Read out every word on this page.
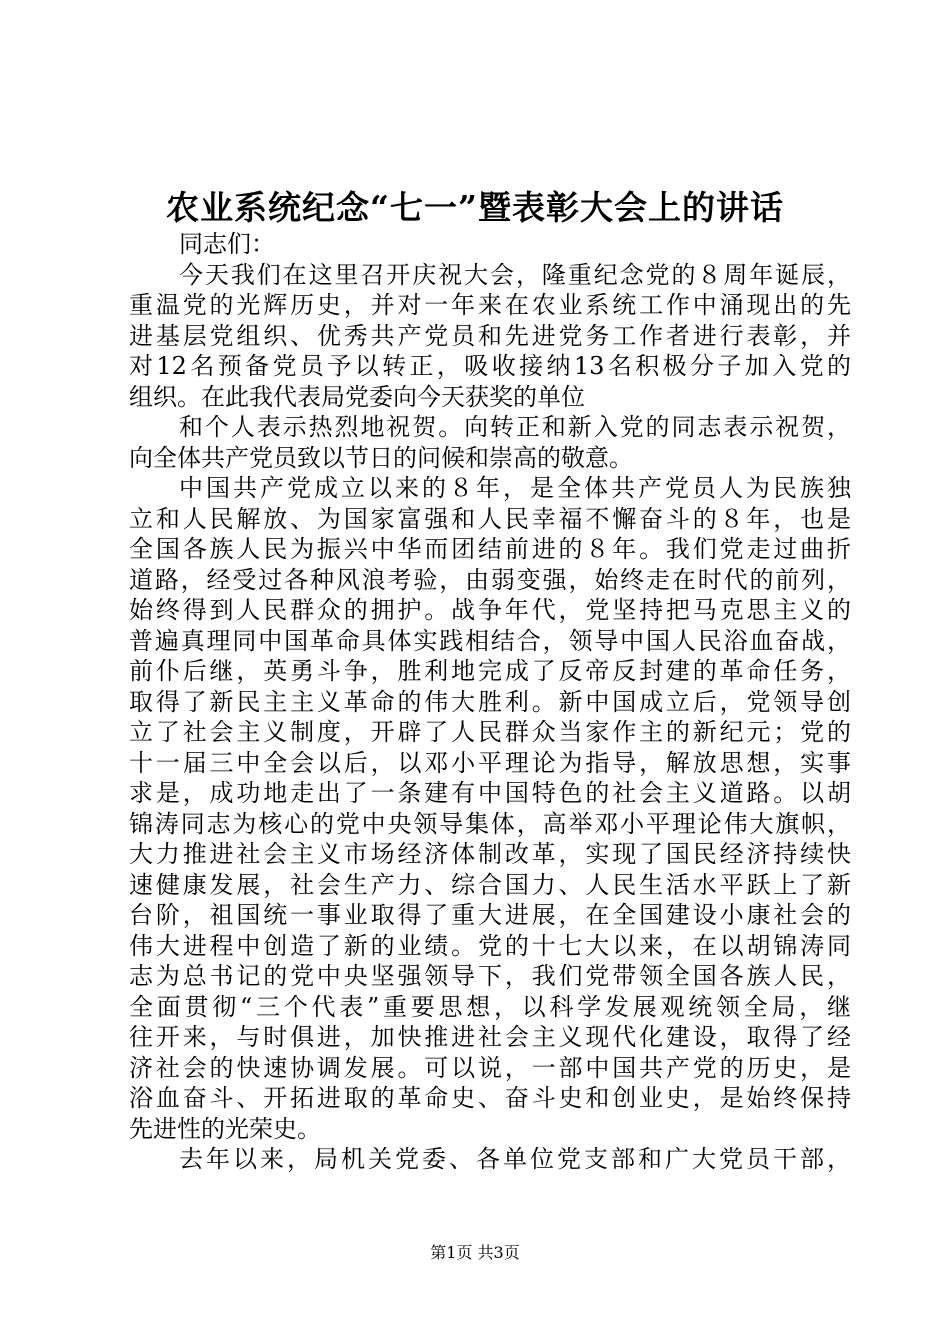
农业系统纪念“七一”暨表彰大会上的讲话
同志们：
今天我们在这里召开庆祝大会，隆重纪念党的８周年诞辰，
重温党的光辉历史，并对一年来在农业系统工作中涌现出的先
进基层党组织、优秀共产党员和先进党务工作者进行表彰，并
对12名预备党员予以转正，吸收接纳13名积极分子加入党的
组织。在此我代表局党委向今天获奖的单位
和个人表示热烈地祝贺。向转正和新入党的同志表示祝贺，
向全体共产党员致以节日的问候和崇高的敬意。
中国共产党成立以来的８年，是全体共产党员人为民族独
立和人民解放、为国家富强和人民幸福不懈奋斗的８年，也是
全国各族人民为振兴中华而团结前进的８年。我们党走过曲折
道路，经受过各种风浪考验，由弱变强，始终走在时代的前列，
始终得到人民群众的拥护。战争年代，党坚持把马克思主义的
普遍真理同中国革命具体实践相结合，领导中国人民浴血奋战，
前仆后继，英勇斗争，胜利地完成了反帝反封建的革命任务，
取得了新民主主义革命的伟大胜利。新中国成立后，党领导创
立了社会主义制度，开辟了人民群众当家作主的新纪元；党的
十一届三中全会以后，以邓小平理论为指导，解放思想，实事
求是，成功地走出了一条建有中国特色的社会主义道路。以胡
锦涛同志为核心的党中央领导集体，高举邓小平理论伟大旗帜，
大力推进社会主义市场经济体制改革，实现了国民经济持续快
速健康发展，社会生产力、综合国力、人民生活水平跃上了新
台阶，祖国统一事业取得了重大进展，在全国建设小康社会的
伟大进程中创造了新的业绩。党的十七大以来，在以胡锦涛同
志为总书记的党中央坚强领导下，我们党带领全国各族人民，
全面贯彻“三个代表”重要思想，以科学发展观统领全局，继
往开来，与时俱进，加快推进社会主义现代化建设，取得了经
济社会的快速协调发展。可以说，一部中国共产党的历史，是
浴血奋斗、开拓进取的革命史、奋斗史和创业史，是始终保持
先进性的光荣史。
去年以来，局机关党委、各单位党支部和广大党员干部，
第1页 共3页
